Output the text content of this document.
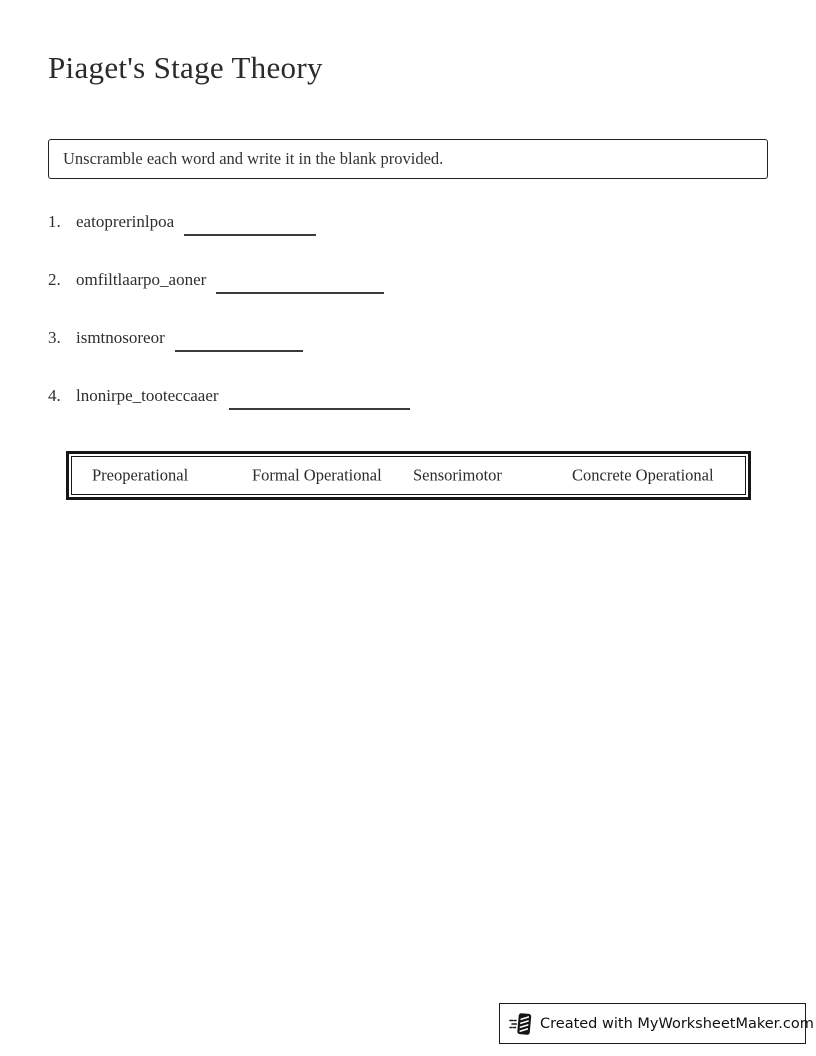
Piaget's Stage Theory
Unscramble each word and write it in the blank provided.
1. eatoprerinlpoa
2. omfiltlaarpo_aoner
3. ismtnosoreor
4. lnonirpe_tooteccaaer
Preoperational	Formal Operational Sensorimotor	Concrete Operational
Created with MyWorksheetMaker.com
